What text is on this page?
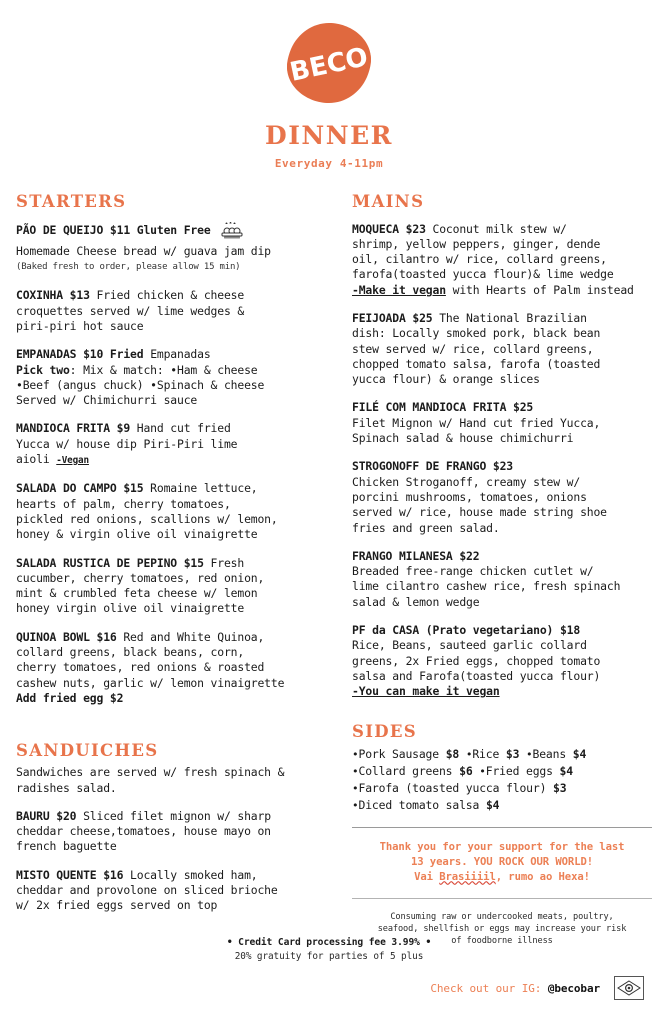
BECO
DINNER
Everyday 4-11pm
STARTERS
PÃO DE QUEIJO $11 Gluten Free
Homemade Cheese bread w/ guava jam dip
(Baked fresh to order, please allow 15 min)
COXINHA $13 Fried chicken & cheese
croquettes served w/ lime wedges &
piri-piri hot sauce
EMPANADAS $10 Fried Empanadas
Pick two: Mix & match: •Ham & cheese
•Beef (angus chuck) •Spinach & cheese
Served w/ Chimichurri sauce
MANDIOCA FRITA $9 Hand cut fried
Yucca w/ house dip Piri-Piri lime
aioli -Vegan
SALADA DO CAMPO $15 Romaine lettuce,
hearts of palm, cherry tomatoes,
pickled red onions, scallions w/ lemon,
honey & virgin olive oil vinaigrette
SALADA RUSTICA DE PEPINO $15 Fresh
cucumber, cherry tomatoes, red onion,
mint & crumbled feta cheese w/ lemon
honey virgin olive oil vinaigrette
QUINOA BOWL $16 Red and White Quinoa,
collard greens, black beans, corn,
cherry tomatoes, red onions & roasted
cashew nuts, garlic w/ lemon vinaigrette
Add fried egg $2
SANDUICHES
Sandwiches are served w/ fresh spinach &
radishes salad.
BAURU $20 Sliced filet mignon w/ sharp
cheddar cheese,tomatoes, house mayo on
french baguette
MISTO QUENTE $16 Locally smoked ham,
cheddar and provolone on sliced brioche
w/ 2x fried eggs served on top
MAINS
MOQUECA $23 Coconut milk stew w/
shrimp, yellow peppers, ginger, dende
oil, cilantro w/ rice, collard greens,
farofa(toasted yucca flour)& lime wedge
-Make it vegan with Hearts of Palm instead
FEIJOADA $25 The National Brazilian
dish: Locally smoked pork, black bean
stew served w/ rice, collard greens,
chopped tomato salsa, farofa (toasted
yucca flour) & orange slices
FILÉ COM MANDIOCA FRITA $25
Filet Mignon w/ Hand cut fried Yucca,
Spinach salad & house chimichurri
STROGONOFF DE FRANGO $23
Chicken Stroganoff, creamy stew w/
porcini mushrooms, tomatoes, onions
served w/ rice, house made string shoe
fries and green salad.
FRANGO MILANESA $22
Breaded free-range chicken cutlet w/
lime cilantro cashew rice, fresh spinach
salad & lemon wedge
PF da CASA (Prato vegetariano) $18
Rice, Beans, sauteed garlic collard
greens, 2x Fried eggs, chopped tomato
salsa and Farofa(toasted yucca flour)
-You can make it vegan
SIDES
•Pork Sausage $8 •Rice $3 •Beans $4
•Collard greens $6 •Fried eggs $4
•Farofa (toasted yucca flour) $3
•Diced tomato salsa $4
Thank you for your support for the last
13 years. YOU ROCK OUR WORLD!
Vai Brasiiiil, rumo ao Hexa!
Consuming raw or undercooked meats, poultry,
seafood, shellfish or eggs may increase your risk
of foodborne illness
• Credit Card processing fee 3.99% •
20% gratuity for parties of 5 plus
Check out our IG: @becobar
